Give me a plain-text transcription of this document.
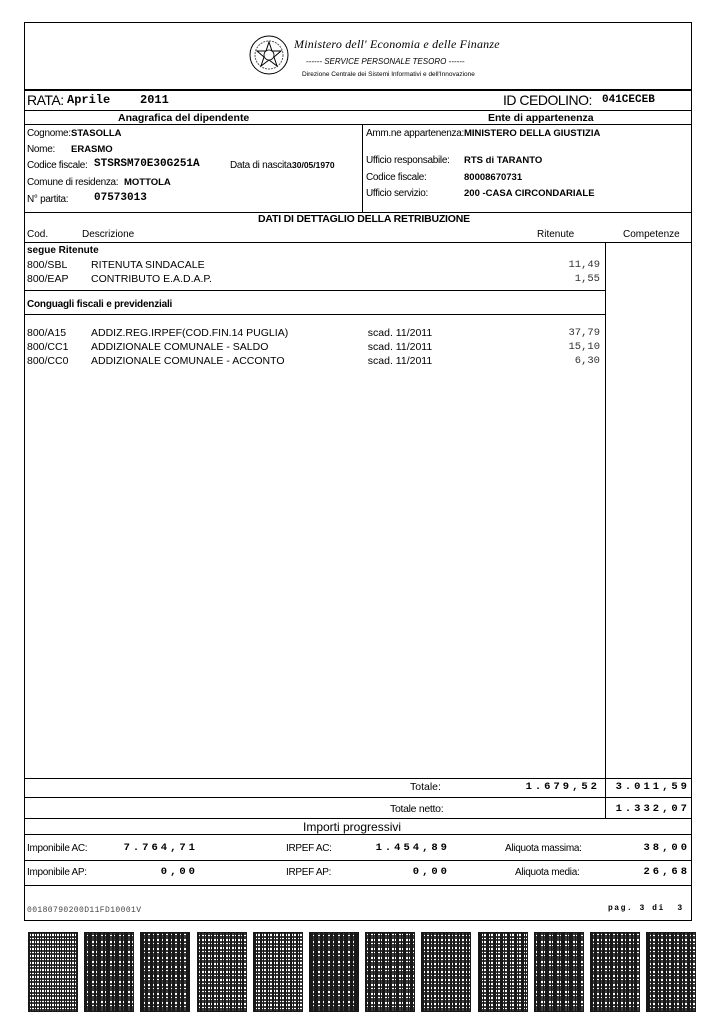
Ministero dell' Economia e delle Finanze
------ SERVICE PERSONALE TESORO ------
Direzione Centrale dei Sistemi Informativi e dell'Innovazione
RATA: Aprile 2011	ID CEDOLINO: 041CECEB
Anagrafica del dipendente	Ente di appartenenza
Cognome: STASOLLA
Nome: ERASMO
Codice fiscale: STSRSM70E30G251A	Data di nascita:
30/05/1970
Comune di residenza: MOTTOLA
N° partita: 07573013
Amm.ne appartenenza: MINISTERO DELLA GIUSTIZIA
Ufficio responsabile: RTS di TARANTO
Codice fiscale:	80008670731
Ufficio servizio:	200 -CASA CIRCONDARIALE
DATI DI DETTAGLIO DELLA RETRIBUZIONE
Cod.	Descrizione	Ritenute	Competenze
segue Ritenute
800/SBL RITENUTA SINDACALE	11,49
800/EAP CONTRIBUTO E.A.D.A.P.	1,55
Conguagli fiscali e previdenziali
800/A15 ADDIZ.REG.IRPEF(COD.FIN.14 PUGLIA)	scad. 11/2011	37,79
800/CC1 ADDIZIONALE COMUNALE - SALDO	scad. 11/2011	15,10
800/CC0 ADDIZIONALE COMUNALE - ACCONTO	scad. 11/2011	6,30
Totale:	1.679,52	3.011,59
Totale netto:	1.332,07
Importi progressivi
Imponibile AC:	7.764,71	IRPEF AC:	1.454,89	Aliquota massima:	38,00
Imponibile AP:	0,00	IRPEF AP:	0,00	Aliquota media:	26,68
00180790200D11FD10001V	pag. 3 di 3
